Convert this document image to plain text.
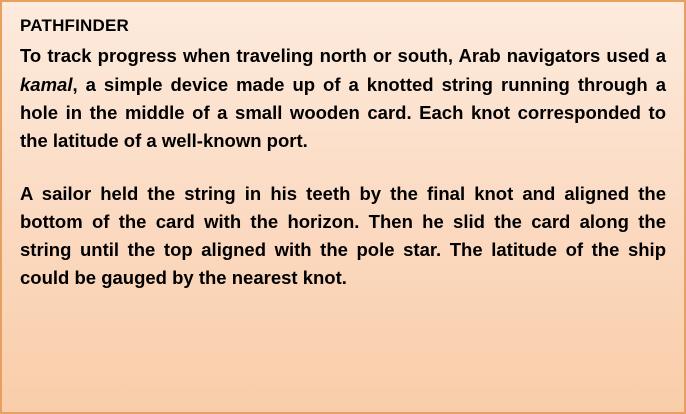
PATHFINDER

To track progress when traveling north or south, Arab navigators used a kamal, a simple device made up of a knotted string running through a hole in the middle of a small wooden card. Each knot corresponded to the latitude of a well-known port.

A sailor held the string in his teeth by the final knot and aligned the bottom of the card with the horizon. Then he slid the card along the string until the top aligned with the pole star. The latitude of the ship could be gauged by the nearest knot.
